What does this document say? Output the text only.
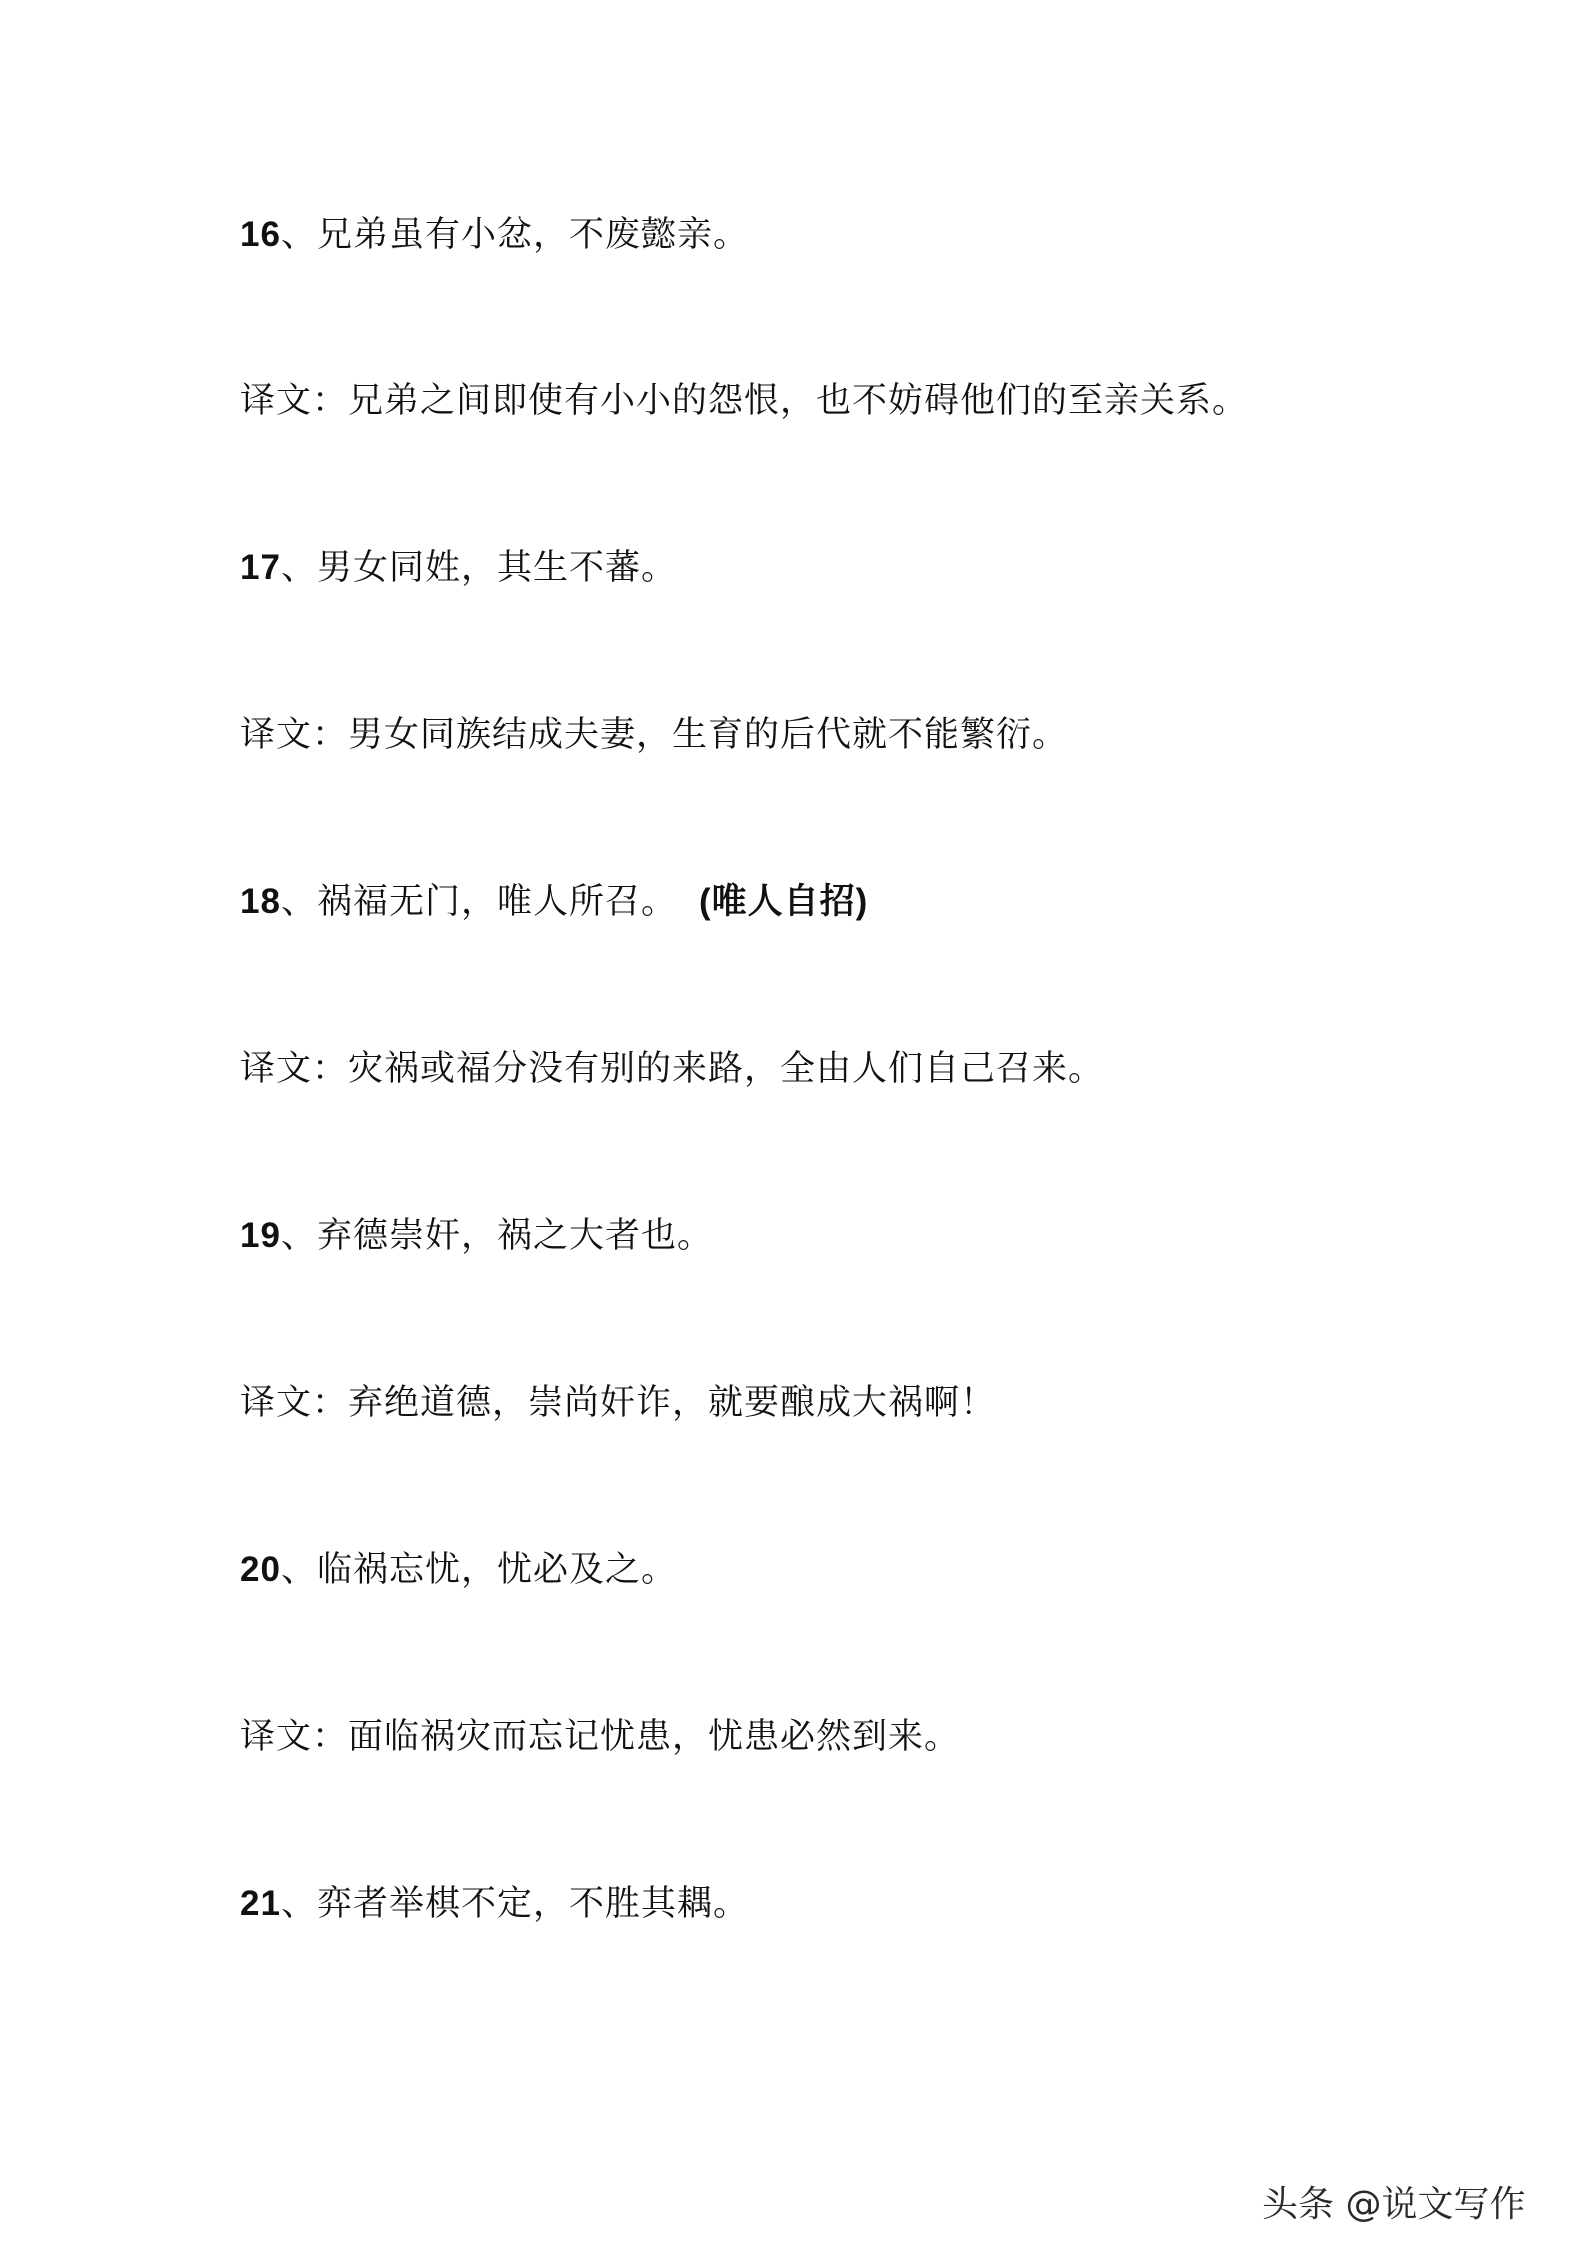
16、兄弟虽有小忿，不废懿亲。
译文：兄弟之间即使有小小的怨恨，也不妨碍他们的至亲关系。
17、男女同姓，其生不蕃。
译文：男女同族结成夫妻，生育的后代就不能繁衍。
18、祸福无门，唯人所召。 (唯人自招)
译文：灾祸或福分没有别的来路，全由人们自己召来。
19、弃德崇奸，祸之大者也。
译文：弃绝道德，崇尚奸诈，就要酿成大祸啊！
20、临祸忘忧，忧必及之。
译文：面临祸灾而忘记忧患，忧患必然到来。
21、弈者举棋不定，不胜其耦。
头条 @说文写作
